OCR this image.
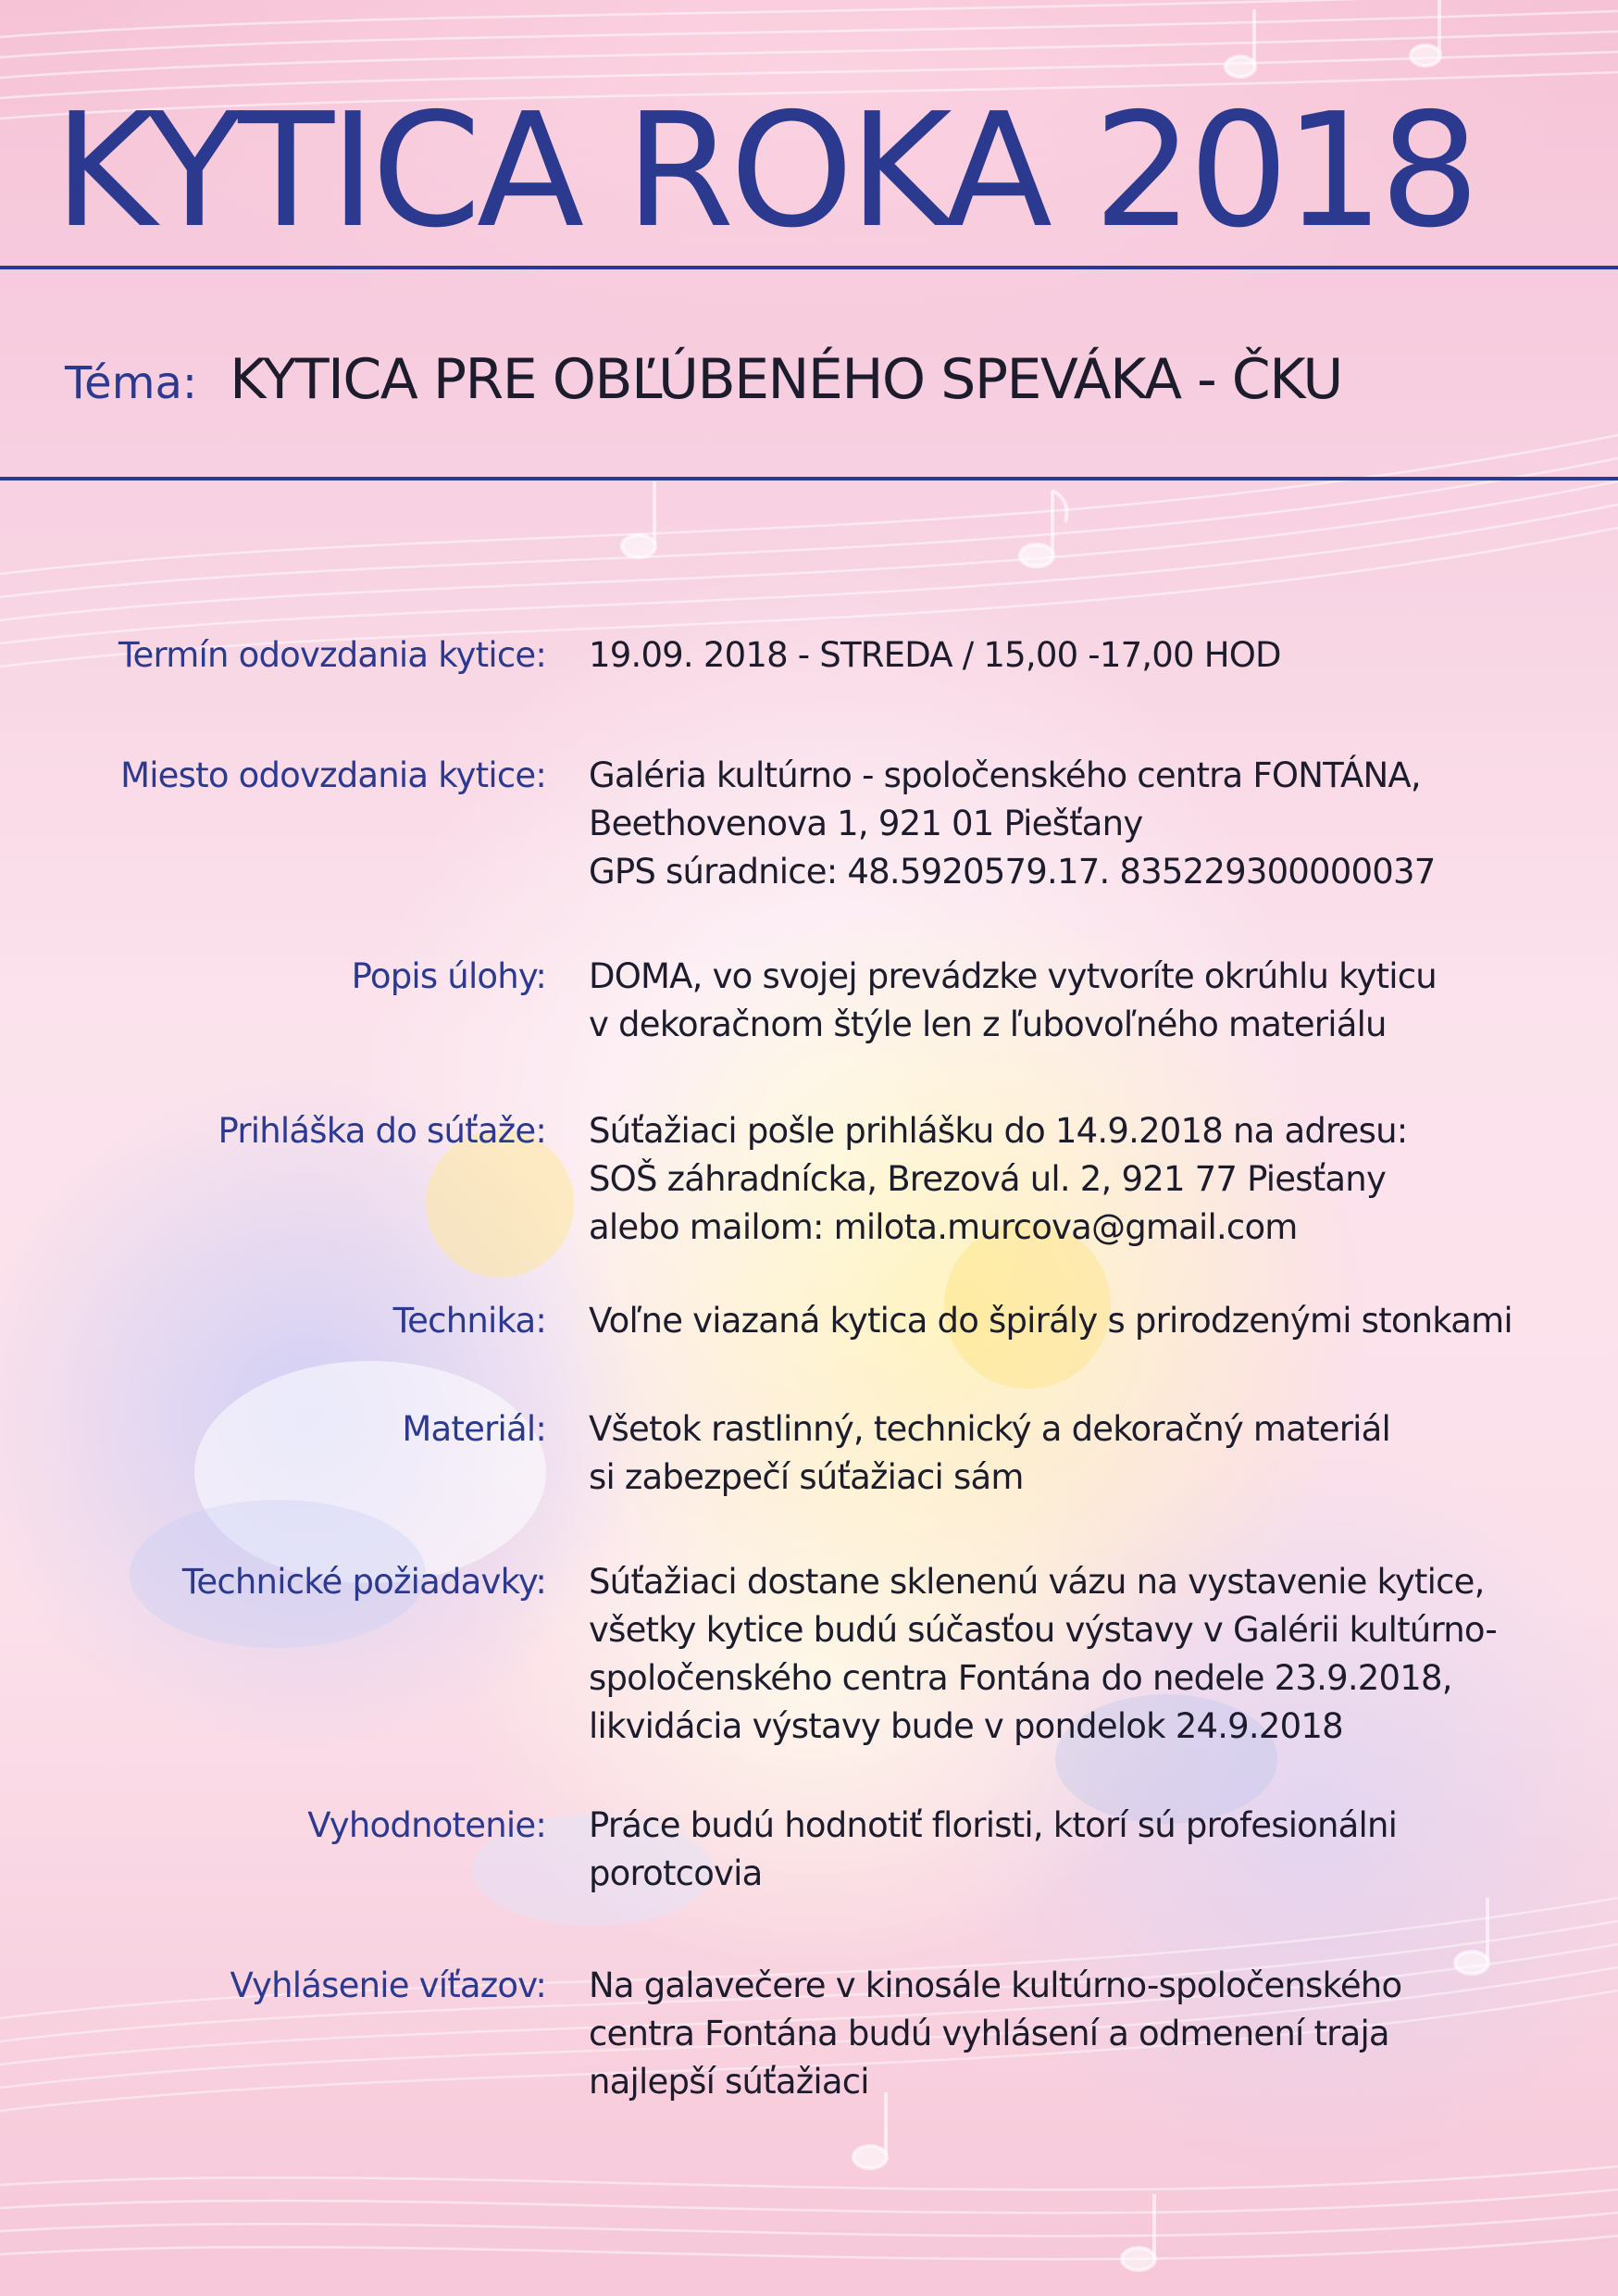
KYTICA ROKA 2018
Téma: KYTICA PRE OBĽÚBENÉHO SPEVÁKA - ČKU
Termín odovzdania kytice: 19.09. 2018 - STREDA / 15,00 -17,00 HOD
Miesto odovzdania kytice: Galéria kultúrno - spoločenského centra FONTÁNA,
Beethovenova 1, 921 01 Piešťany
GPS súradnice: 48.5920579.17. 835229300000037
Popis úlohy: DOMA, vo svojej prevádzke vytvoríte okrúhlu kyticu
v dekoračnom štýle len z ľubovoľného materiálu
Prihláška do súťaže: Súťažiaci pošle prihlášku do 14.9.2018 na adresu:
SOŠ záhradnícka, Brezová ul. 2, 921 77 Piesťany
alebo mailom: milota.murcova@gmail.com
Technika: Voľne viazaná kytica do špirály s prirodzenými stonkami
Materiál: Všetok rastlinný, technický a dekoračný materiál
si zabezpečí súťažiaci sám
Technické požiadavky: Súťažiaci dostane sklenenú vázu na vystavenie kytice,
všetky kytice budú súčasťou výstavy v Galérii kultúrno-
spoločenského centra Fontána do nedele 23.9.2018,
likvidácia výstavy bude v pondelok 24.9.2018
Vyhodnotenie: Práce budú hodnotiť floristi, ktorí sú profesionálni
porotcovia
Vyhlásenie víťazov: Na galavečere v kinosále kultúrno-spoločenského
centra Fontána budú vyhlásení a odmenení traja
najlepší súťažiaci
